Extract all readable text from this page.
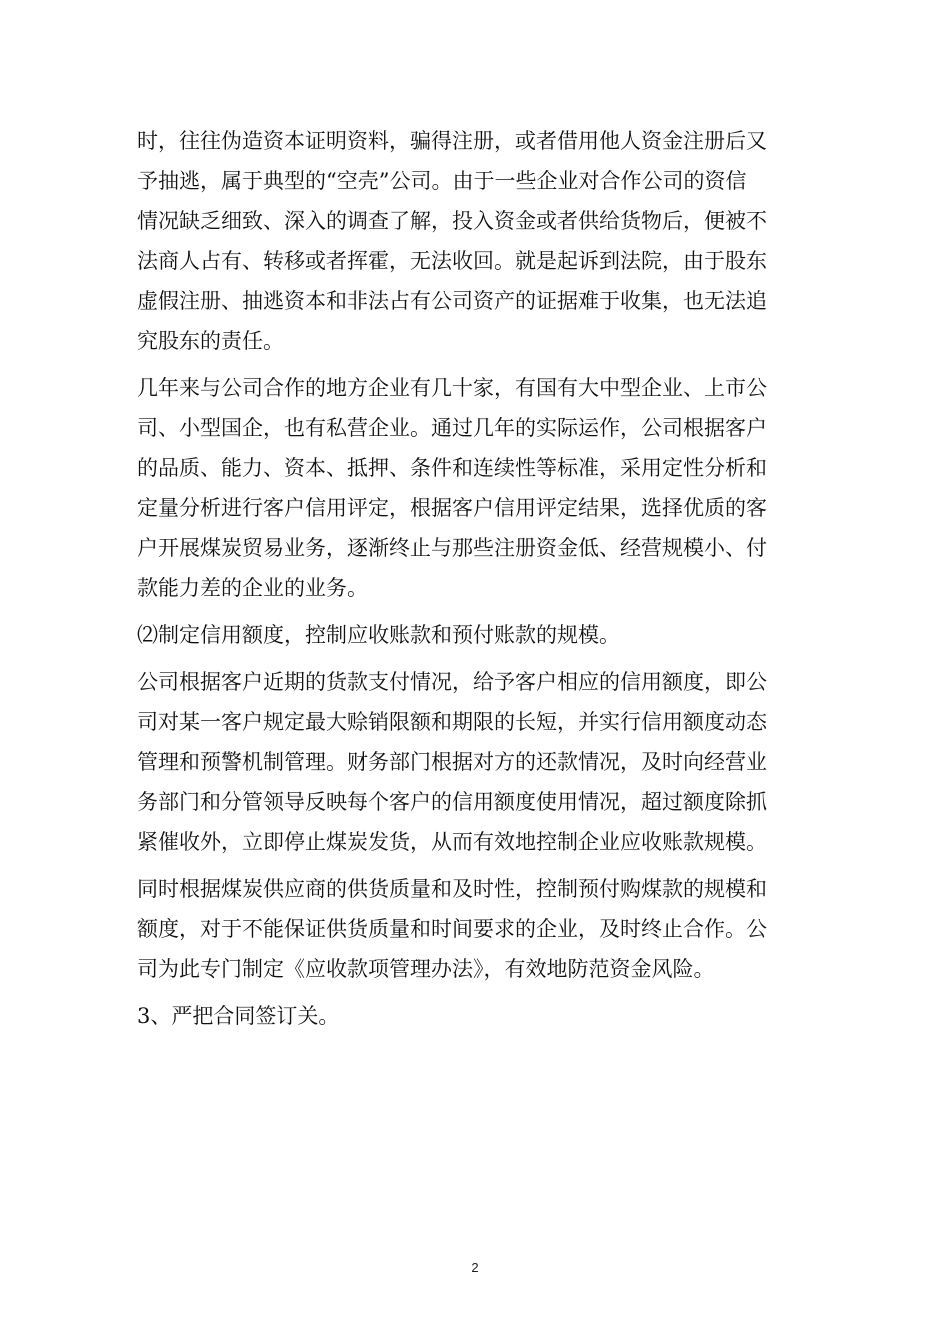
时，往往伪造资本证明资料，骗得注册，或者借用他人资金注册后又
予抽逃，属于典型的“空壳”公司。由于一些企业对合作公司的资信
情况缺乏细致、深入的调查了解，投入资金或者供给货物后，便被不
法商人占有、转移或者挥霍，无法收回。就是起诉到法院，由于股东
虚假注册、抽逃资本和非法占有公司资产的证据难于收集，也无法追
究股东的责任。

几年来与公司合作的地方企业有几十家，有国有大中型企业、上市公
司、小型国企，也有私营企业。通过几年的实际运作，公司根据客户
的品质、能力、资本、抵押、条件和连续性等标准，采用定性分析和
定量分析进行客户信用评定，根据客户信用评定结果，选择优质的客
户开展煤炭贸易业务，逐渐终止与那些注册资金低、经营规模小、付
款能力差的企业的业务。

⑵制定信用额度，控制应收账款和预付账款的规模。

公司根据客户近期的货款支付情况，给予客户相应的信用额度，即公
司对某一客户规定最大赊销限额和期限的长短，并实行信用额度动态
管理和预警机制管理。财务部门根据对方的还款情况，及时向经营业
务部门和分管领导反映每个客户的信用额度使用情况，超过额度除抓
紧催收外，立即停止煤炭发货，从而有效地控制企业应收账款规模。

同时根据煤炭供应商的供货质量和及时性，控制预付购煤款的规模和
额度，对于不能保证供货质量和时间要求的企业，及时终止合作。公
司为此专门制定《应收款项管理办法》，有效地防范资金风险。

3、严把合同签订关。

2
